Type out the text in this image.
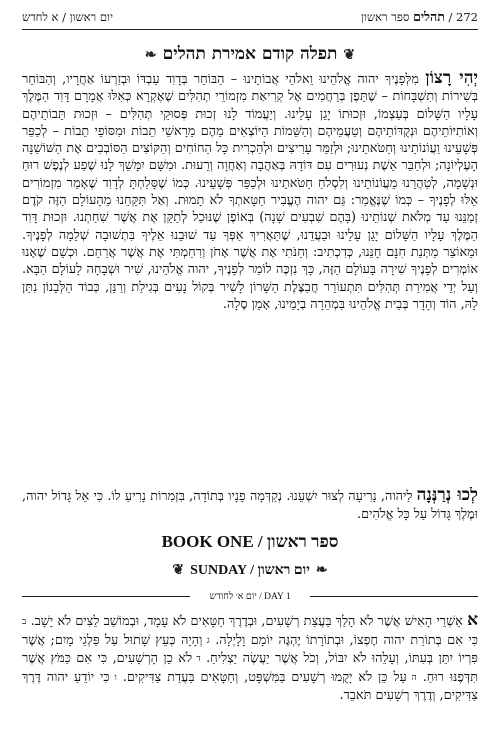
יום ראשון / א לחדש	272 / תהלים ספר ראשון
❦תפלה קודם אמירת תהלים❧
יְהִי רָצוֹן מִלְּפָנֶיךָ יהוה אֱלֹהֵינוּ וֵאלֹהֵי אֲבוֹתֵינוּ – הַבּוֹחֵר בְּדָוִד עַבְדּוֹ וּבְזַרְעוֹ אַחֲרָיו, וְהַבּוֹחֵר בְּשִׁירוֹת וְתִשְׁבָּחוֹת – שֶׁתֵּפֶן בְּרַחֲמִים אֶל קְרִיאַת מִזְמוֹרֵי תְהִלִּים שֶׁאֶקְרָא כְּאִלּוּ אֲמָרָם דָּוִד הַמֶּלֶךְ עָלָיו הַשָּׁלוֹם בְּעַצְמוֹ, וּזְכוּתוֹ יָגֵן עָלֵינוּ. וְיַעֲמוֹד לָנוּ זְכוּת פְּסוּקֵי תְהִלִּים – וּזְכוּת תֵּבוֹתֵיהֶם וְאוֹתִיּוֹתֵיהֶם וּנְקֻדּוֹתֵיהֶם וְטַעֲמֵיהֶם וְהַשֵּׁמוֹת הַיּוֹצְאִים מֵהֶם מֵרָאשֵׁי תֵבוֹת וּמִסּוֹפֵי תֵבוֹת – לְכַפֵּר פְּשָׁעֵינוּ וַעֲוֹנוֹתֵינוּ וְחַטֹּאתֵינוּ; וּלְזַמֵּר עָרִיצִים וּלְהַכְרִית כָּל הַחוֹחִים וְהַקּוֹצִים הַסּוֹבְבִים אֶת הַשּׁוֹשַׁנָּה הָעֶלְיוֹנָה; וּלְחַבֵּר אֵשֶׁת נְעוּרִים עִם דּוֹדָהּ בְּאַהֲבָה וְאַחֲוָה וְרֵעוּת. וּמִשָּׁם יִמָּשֵׁךְ לָנוּ שֶׁפַע לְנֶפֶשׁ רוּחַ וּנְשָׁמָה, לְטַהֲרֵנוּ מֵעֲוֹנוֹתֵינוּ וְלִסְלֹחַ חַטֹּאתֵינוּ וּלְכַפֵּר פְּשָׁעֵינוּ. כְּמוֹ שֶׁסָּלַחְתָּ לְדָוִד שֶׁאָמַר מִזְמוֹרִים אֵלּוּ לְפָנֶיךָ – כְּמוֹ שֶׁנֶּאֱמַר: גַּם יהוה הֶעֱבִיר חַטָּאתְךָ לֹא תָמוּת. וְאַל תִּקָּחֵנוּ מֵהָעוֹלָם הַזֶּה קֹדֶם זְמַנֵּנוּ עַד מְלֹאת שְׁנוֹתֵינוּ (בָּהֶם שִׁבְעִים שָׁנָה) בְּאוֹפֶן שֶׁנּוּכַל לְתַקֵּן אֶת אֲשֶׁר שִׁחַתְנוּ. וּזְכוּת דָּוִד הַמֶּלֶךְ עָלָיו הַשָּׁלוֹם יָגֵן עָלֵינוּ וּבַעֲדֵנוּ, שֶׁתַּאֲרִיךְ אַפְּךָ עַד שׁוּבֵנוּ אֵלֶיךָ בִּתְשׁוּבָה שְׁלֵמָה לְפָנֶיךָ. וּמֵאוֹצַר מַתְּנַת חִנָּם חָנֵּנוּ, כְּדִכְתִיב: וְחַנֹּתִי אֶת אֲשֶׁר אָחֹן וְרִחַמְתִּי אֶת אֲשֶׁר אֲרַחֵם. וּכְשֵׁם שֶׁאָנוּ אוֹמְרִים לְפָנֶיךָ שִׁירָה בָּעוֹלָם הַזֶּה, כָּךְ נִזְכֶּה לוֹמַר לְפָנֶיךָ, יהוה אֱלֹהֵינוּ, שִׁיר וּשְׁבָחָה לָעוֹלָם הַבָּא. וְעַל יְדֵי אֲמִירַת תְּהִלִּים תִּתְעוֹרֵר חֲבַצֶּלֶת הַשָּׁרוֹן לָשִׁיר בְּקוֹל נָעִים בְּגִילַת וְרַנֵּן, כְּבוֹד הַלְּבָנוֹן נִתַּן לָהּ, הוֹד וְהָדָר בְּבֵית אֱלֹהֵינוּ בִּמְהֵרָה בְיָמֵינוּ, אָמֵן סֶלָה.
לְכוּ נְרַנְּנָה לַיהוה, נָרִיעָה לְצוּר יִשְׁעֵנוּ. נְקַדְּמָה פָנָיו בְּתוֹדָה, בִּזְמִרוֹת נָרִיעַ לוֹ. כִּי אֵל גָּדוֹל יהוה, וּמֶלֶךְ גָּדוֹל עַל כָּל אֱלֹהִים.
BOOK ONE / ספר ראשון
❦ SUNDAY / יום ראשון ❧
יום א׳ לחודש / DAY 1
א אַשְׁרֵי הָאִישׁ אֲשֶׁר לֹא הָלַךְ בַּעֲצַת רְשָׁעִים, וּבְדֶרֶךְ חַטָּאִים לֹא עָמָד, וּבְמוֹשַׁב לֵצִים לֹא יָשָׁב. ב כִּי אִם בְּתוֹרַת יהוה חֶפְצוֹ, וּבְתוֹרָתוֹ יֶהְגֶּה יוֹמָם וָלָיְלָה. ג וְהָיָה כְּעֵץ שָׁתוּל עַל פַּלְגֵי מָיִם; אֲשֶׁר פִּרְיוֹ יִתֵּן בְּעִתּוֹ, וְעָלֵהוּ לֹא יִבּוֹל, וְכֹל אֲשֶׁר יַעֲשֶׂה יַצְלִיחַ. ד לֹא כֵן הָרְשָׁעִים, כִּי אִם כַּמֹּץ אֲשֶׁר תִּדְּפֶנּוּ רוּחַ. ה עַל כֵּן לֹא יָקֻמוּ רְשָׁעִים בַּמִּשְׁפָּט, וְחַטָּאִים בַּעֲדַת צַדִּיקִים. ו כִּי יוֹדֵעַ יהוה דֶּרֶךְ צַדִּיקִים, וְדֶרֶךְ רְשָׁעִים תֹּאבֵד.
